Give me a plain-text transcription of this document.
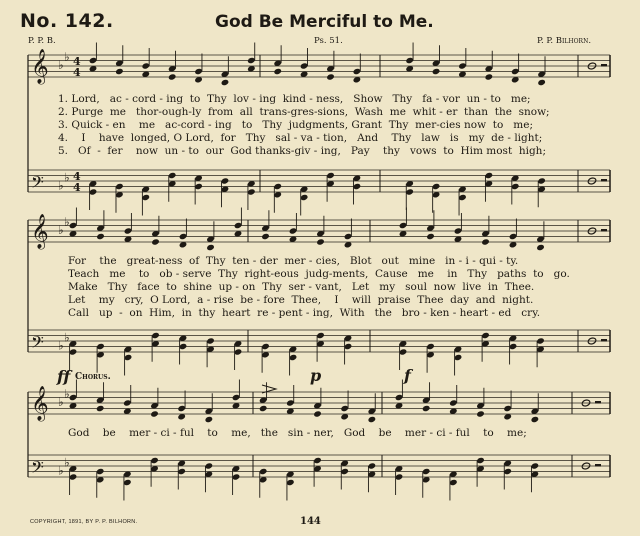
No. 142.	God Be Merciful to Me.
P. P. B.	Ps. 51.	P. P. Bilhorn.
𝄞 ♭
♭ 4
4
𝄢 ♭
♭ 4
4
𝄞 ♭
♭
𝄢 ♭
♭
𝄞 ♭
♭
𝄢 ♭
♭
1. Lord,   ac - cord - ing  to  Thy  lov - ing  kind - ness,   Show   Thy   fa - vor  un - to   me;
2. Purge  me   thor-ough-ly  from  all  trans-gres-sions,  Wash  me  whit - er  than  the  snow;
3. Quick - en    me   ac-cord - ing   to   Thy  judgments, Grant  Thy  mer-cies now  to   me;
4.    I    have  longed, O Lord,  for   Thy   sal - va - tion,   And    Thy   law   is   my  de - light;
5.   Of  -  fer    now  un - to  our  God thanks-giv - ing,   Pay    thy   vows  to  Him most  high;
For    the   great-ness  of  Thy  ten - der  mer - cies,   Blot   out   mine   in - i - qui - ty.
Teach   me    to   ob - serve  Thy  right-eous  judg-ments,  Cause   me    in   Thy   paths  to   go.
Make   Thy   face  to  shine  up - on  Thy  ser - vant,   Let   my   soul  now  live  in  Thee.
Let    my   cry,  O Lord,  a - rise  be - fore  Thee,    I    will  praise  Thee  day  and  night.
Call   up  -  on  Him,  in  thy  heart  re - pent - ing,  With   the   bro - ken - heart - ed   cry.
ff Chorus.	p	f
God    be    mer - ci - ful    to    me,   the   sin - ner,   God    be    mer - ci - ful    to    me;
COPYRIGHT, 1891, BY P. P. BILHORN.	144
